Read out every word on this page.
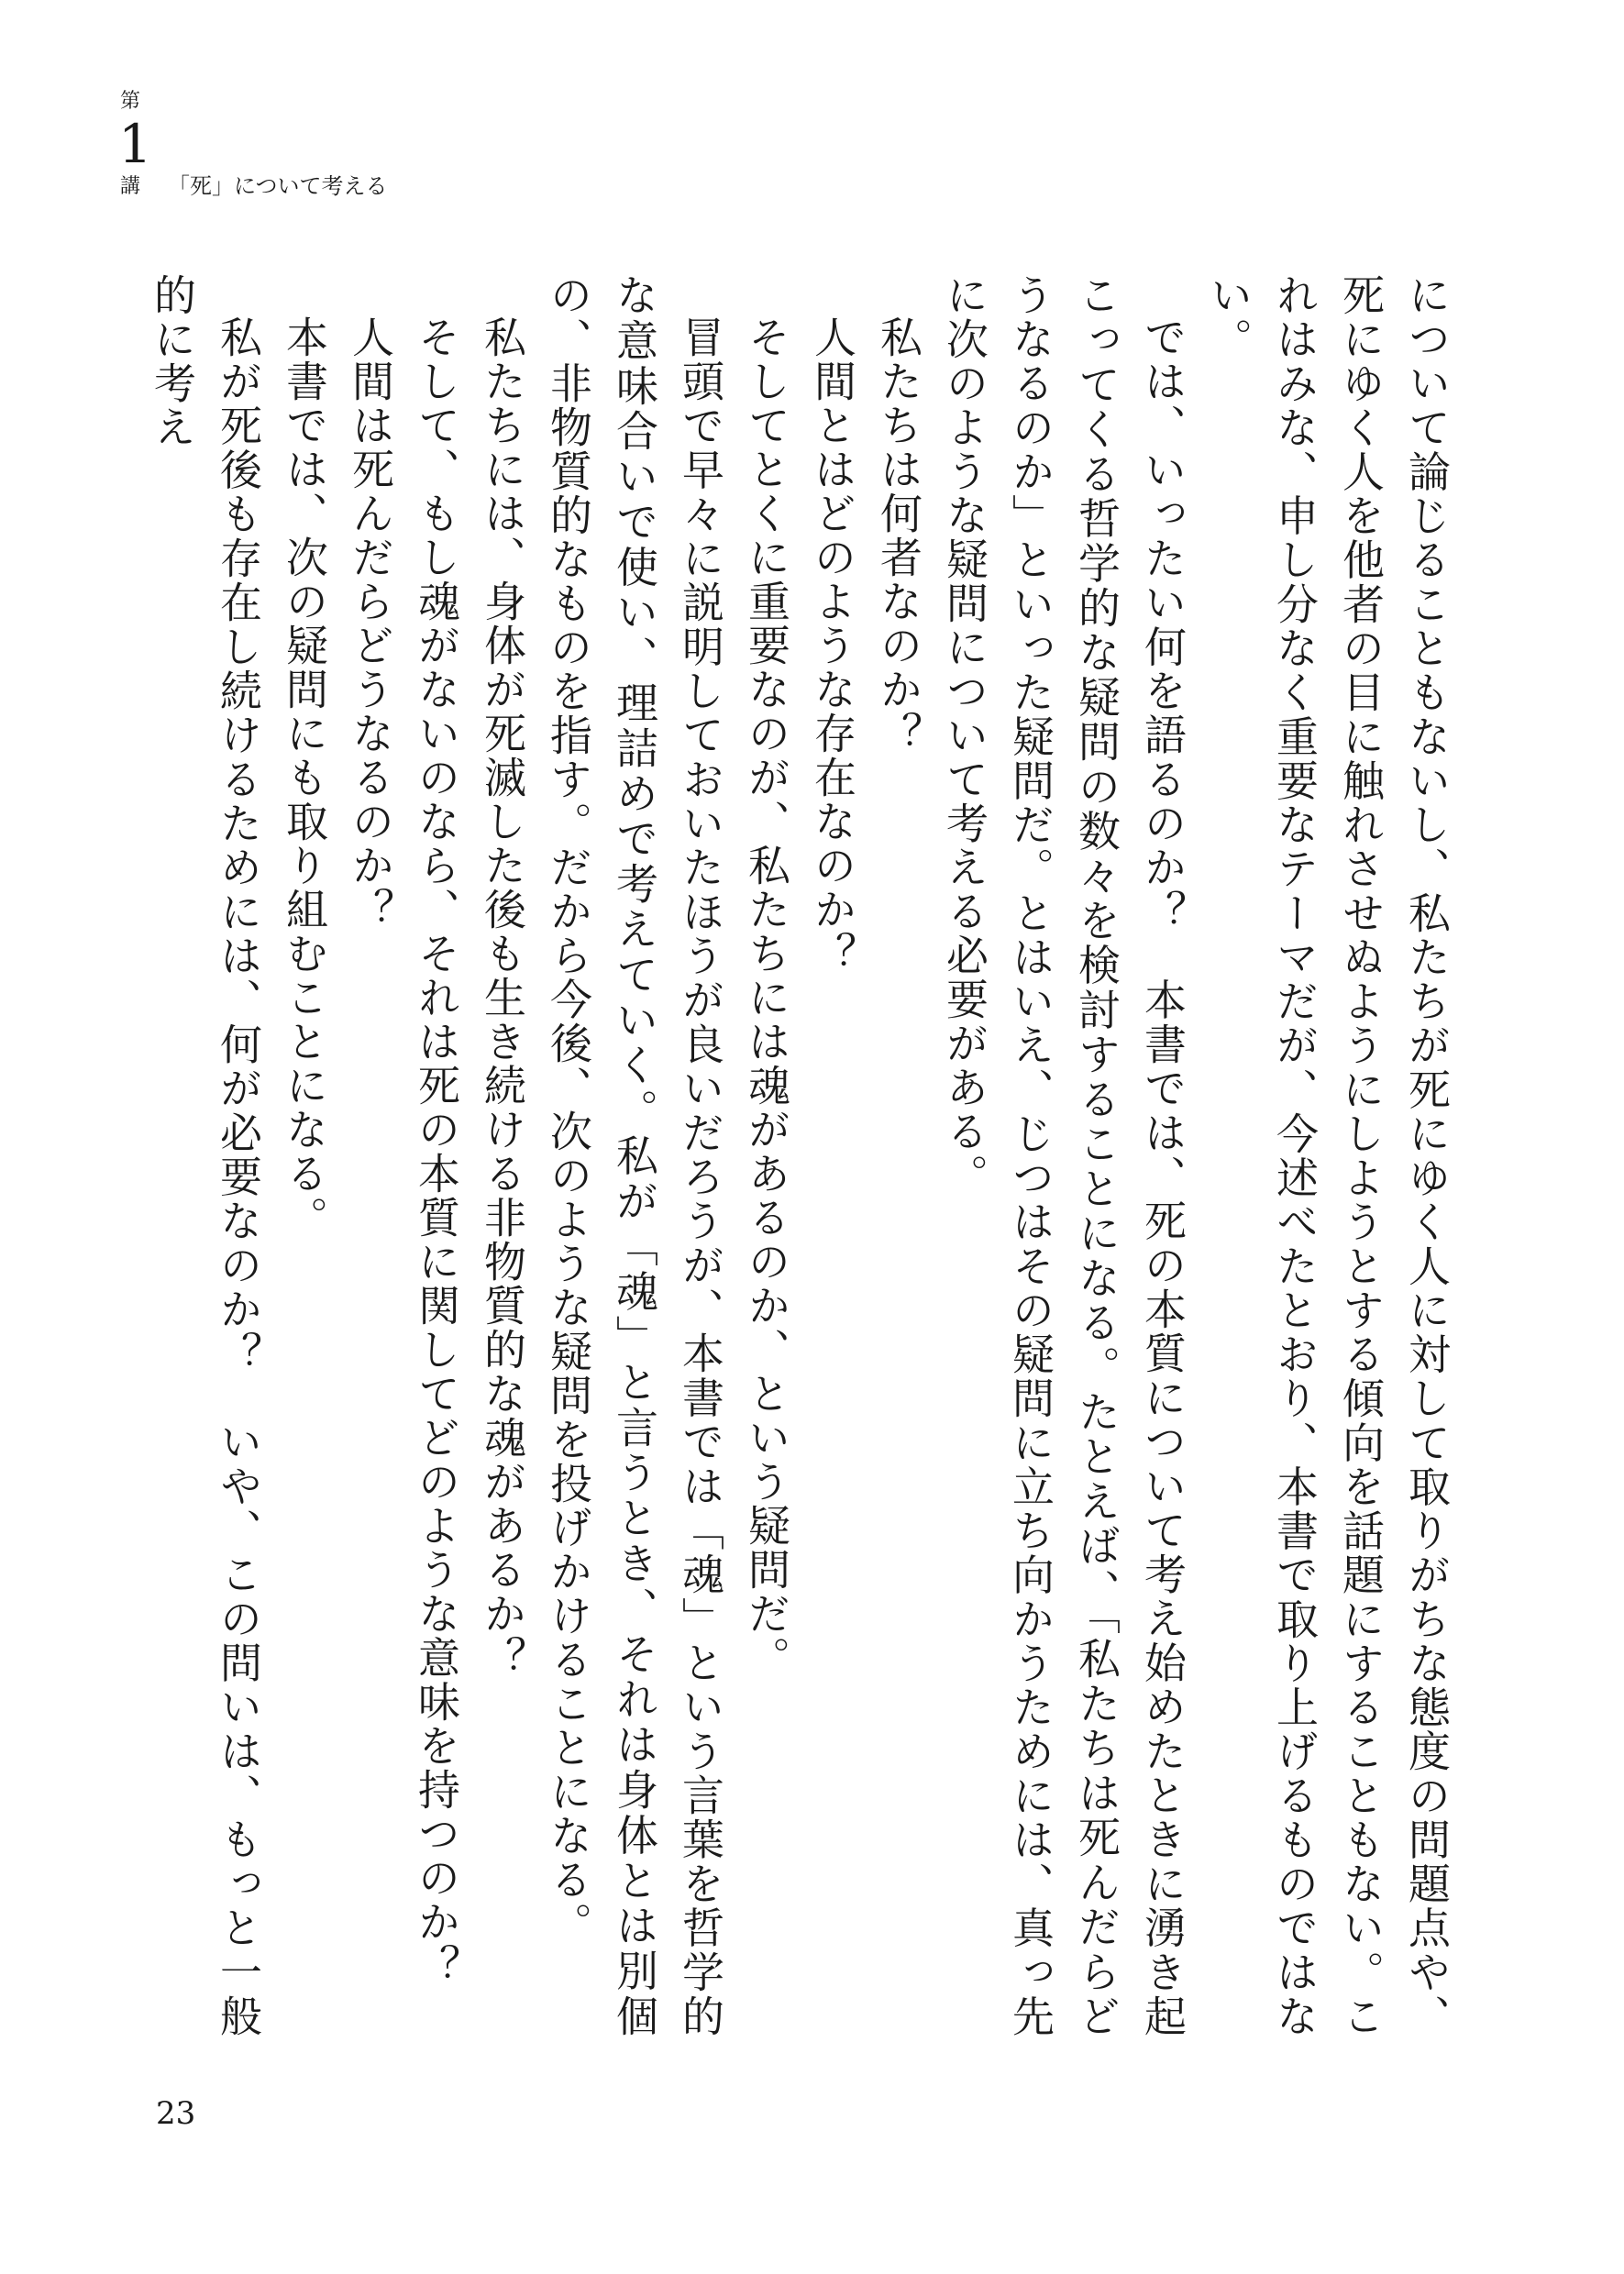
第
1
講 「死」について考える

について論じることもないし、私たちが死にゆく人に対して取りがちな態度の問題点や、死にゆく人を他者の目に触れさせぬようにしようとする傾向を話題にすることもない。これはみな、申し分なく重要なテーマだが、今述べたとおり、本書で取り上げるものではない。

では、いったい何を語るのか？　本書では、死の本質について考え始めたときに湧き起こってくる哲学的な疑問の数々を検討することになる。たとえば、「私たちは死んだらどうなるのか」といった疑問だ。とはいえ、じつはその疑問に立ち向かうためには、真っ先に次のような疑問について考える必要がある。

私たちは何者なのか？

人間とはどのような存在なのか？

そしてとくに重要なのが、私たちには魂があるのか、という疑問だ。

冒頭で早々に説明しておいたほうが良いだろうが、本書では「魂」という言葉を哲学的な意味合いで使い、理詰めで考えていく。私が「魂」と言うとき、それは身体とは別個の、非物質的なものを指す。だから今後、次のような疑問を投げかけることになる。

私たちには、身体が死滅した後も生き続ける非物質的な魂があるか？

そして、もし魂がないのなら、それは死の本質に関してどのような意味を持つのか？

人間は死んだらどうなるのか？

本書では、次の疑問にも取り組むことになる。

私が死後も存在し続けるためには、何が必要なのか？　いや、この問いは、もっと一般的に考え

23
